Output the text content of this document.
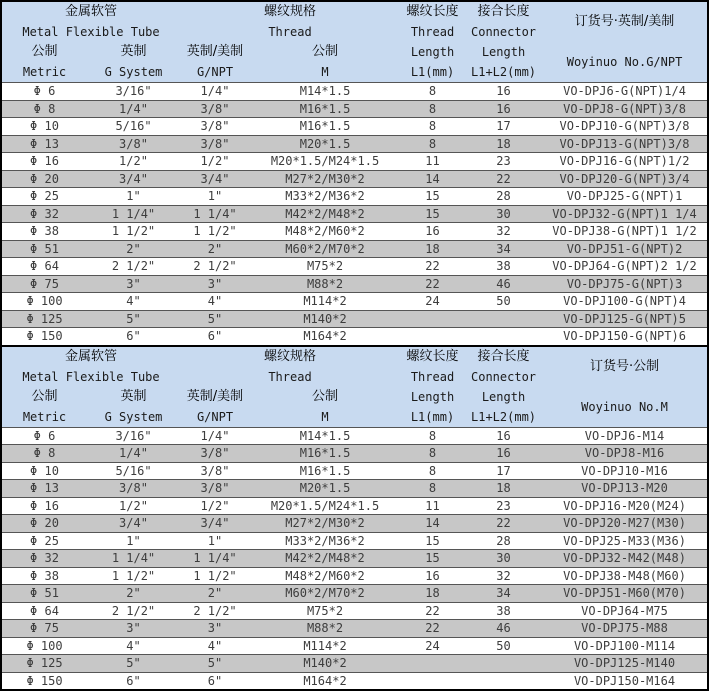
金属软管
Metal Flexible Tube

螺纹规格
Thread

螺纹长度
Thread
Length
L1(mm)

接合长度
Connector
Length
L1+L2(mm)

订货号·英制/美制
Woyinuo No.G/NPT

公制
Metric

英制
G System

英制/美制
G/NPT

公制
M

Φ 6	3/16"	1/4"	M14*1.5	8	16	VO-DPJ6-G(NPT)1/4
Φ 8	1/4"	3/8"	M16*1.5	8	16	VO-DPJ8-G(NPT)3/8
Φ 10	5/16"	3/8"	M16*1.5	8	17	VO-DPJ10-G(NPT)3/8
Φ 13	3/8"	3/8"	M20*1.5	8	18	VO-DPJ13-G(NPT)3/8
Φ 16	1/2"	1/2"	M20*1.5/M24*1.5	11	23	VO-DPJ16-G(NPT)1/2
Φ 20	3/4"	3/4"	M27*2/M30*2	14	22	VO-DPJ20-G(NPT)3/4
Φ 25	1"	1"	M33*2/M36*2	15	28	VO-DPJ25-G(NPT)1
Φ 32	1 1/4"	1 1/4"	M42*2/M48*2	15	30	VO-DPJ32-G(NPT)1 1/4
Φ 38	1 1/2"	1 1/2"	M48*2/M60*2	16	32	VO-DPJ38-G(NPT)1 1/2
Φ 51	2"	2"	M60*2/M70*2	18	34	VO-DPJ51-G(NPT)2
Φ 64	2 1/2"	2 1/2"	M75*2	22	38	VO-DPJ64-G(NPT)2 1/2
Φ 75	3"	3"	M88*2	22	46	VO-DPJ75-G(NPT)3
Φ 100	4"	4"	M114*2	24	50	VO-DPJ100-G(NPT)4
Φ 125	5"	5"	M140*2			VO-DPJ125-G(NPT)5
Φ 150	6"	6"	M164*2			VO-DPJ150-G(NPT)6
金属软管
Metal Flexible Tube

螺纹规格
Thread

螺纹长度
Thread
Length
L1(mm)

接合长度
Connector
Length
L1+L2(mm)

订货号·公制
Woyinuo No.M

公制
Metric

英制
G System

英制/美制
G/NPT

公制
M

Φ 6	3/16"	1/4"	M14*1.5	8	16	VO-DPJ6-M14
Φ 8	1/4"	3/8"	M16*1.5	8	16	VO-DPJ8-M16
Φ 10	5/16"	3/8"	M16*1.5	8	17	VO-DPJ10-M16
Φ 13	3/8"	3/8"	M20*1.5	8	18	VO-DPJ13-M20
Φ 16	1/2"	1/2"	M20*1.5/M24*1.5	11	23	VO-DPJ16-M20(M24)
Φ 20	3/4"	3/4"	M27*2/M30*2	14	22	VO-DPJ20-M27(M30)
Φ 25	1"	1"	M33*2/M36*2	15	28	VO-DPJ25-M33(M36)
Φ 32	1 1/4"	1 1/4"	M42*2/M48*2	15	30	VO-DPJ32-M42(M48)
Φ 38	1 1/2"	1 1/2"	M48*2/M60*2	16	32	VO-DPJ38-M48(M60)
Φ 51	2"	2"	M60*2/M70*2	18	34	VO-DPJ51-M60(M70)
Φ 64	2 1/2"	2 1/2"	M75*2	22	38	VO-DPJ64-M75
Φ 75	3"	3"	M88*2	22	46	VO-DPJ75-M88
Φ 100	4"	4"	M114*2	24	50	VO-DPJ100-M114
Φ 125	5"	5"	M140*2			VO-DPJ125-M140
Φ 150	6"	6"	M164*2			VO-DPJ150-M164
